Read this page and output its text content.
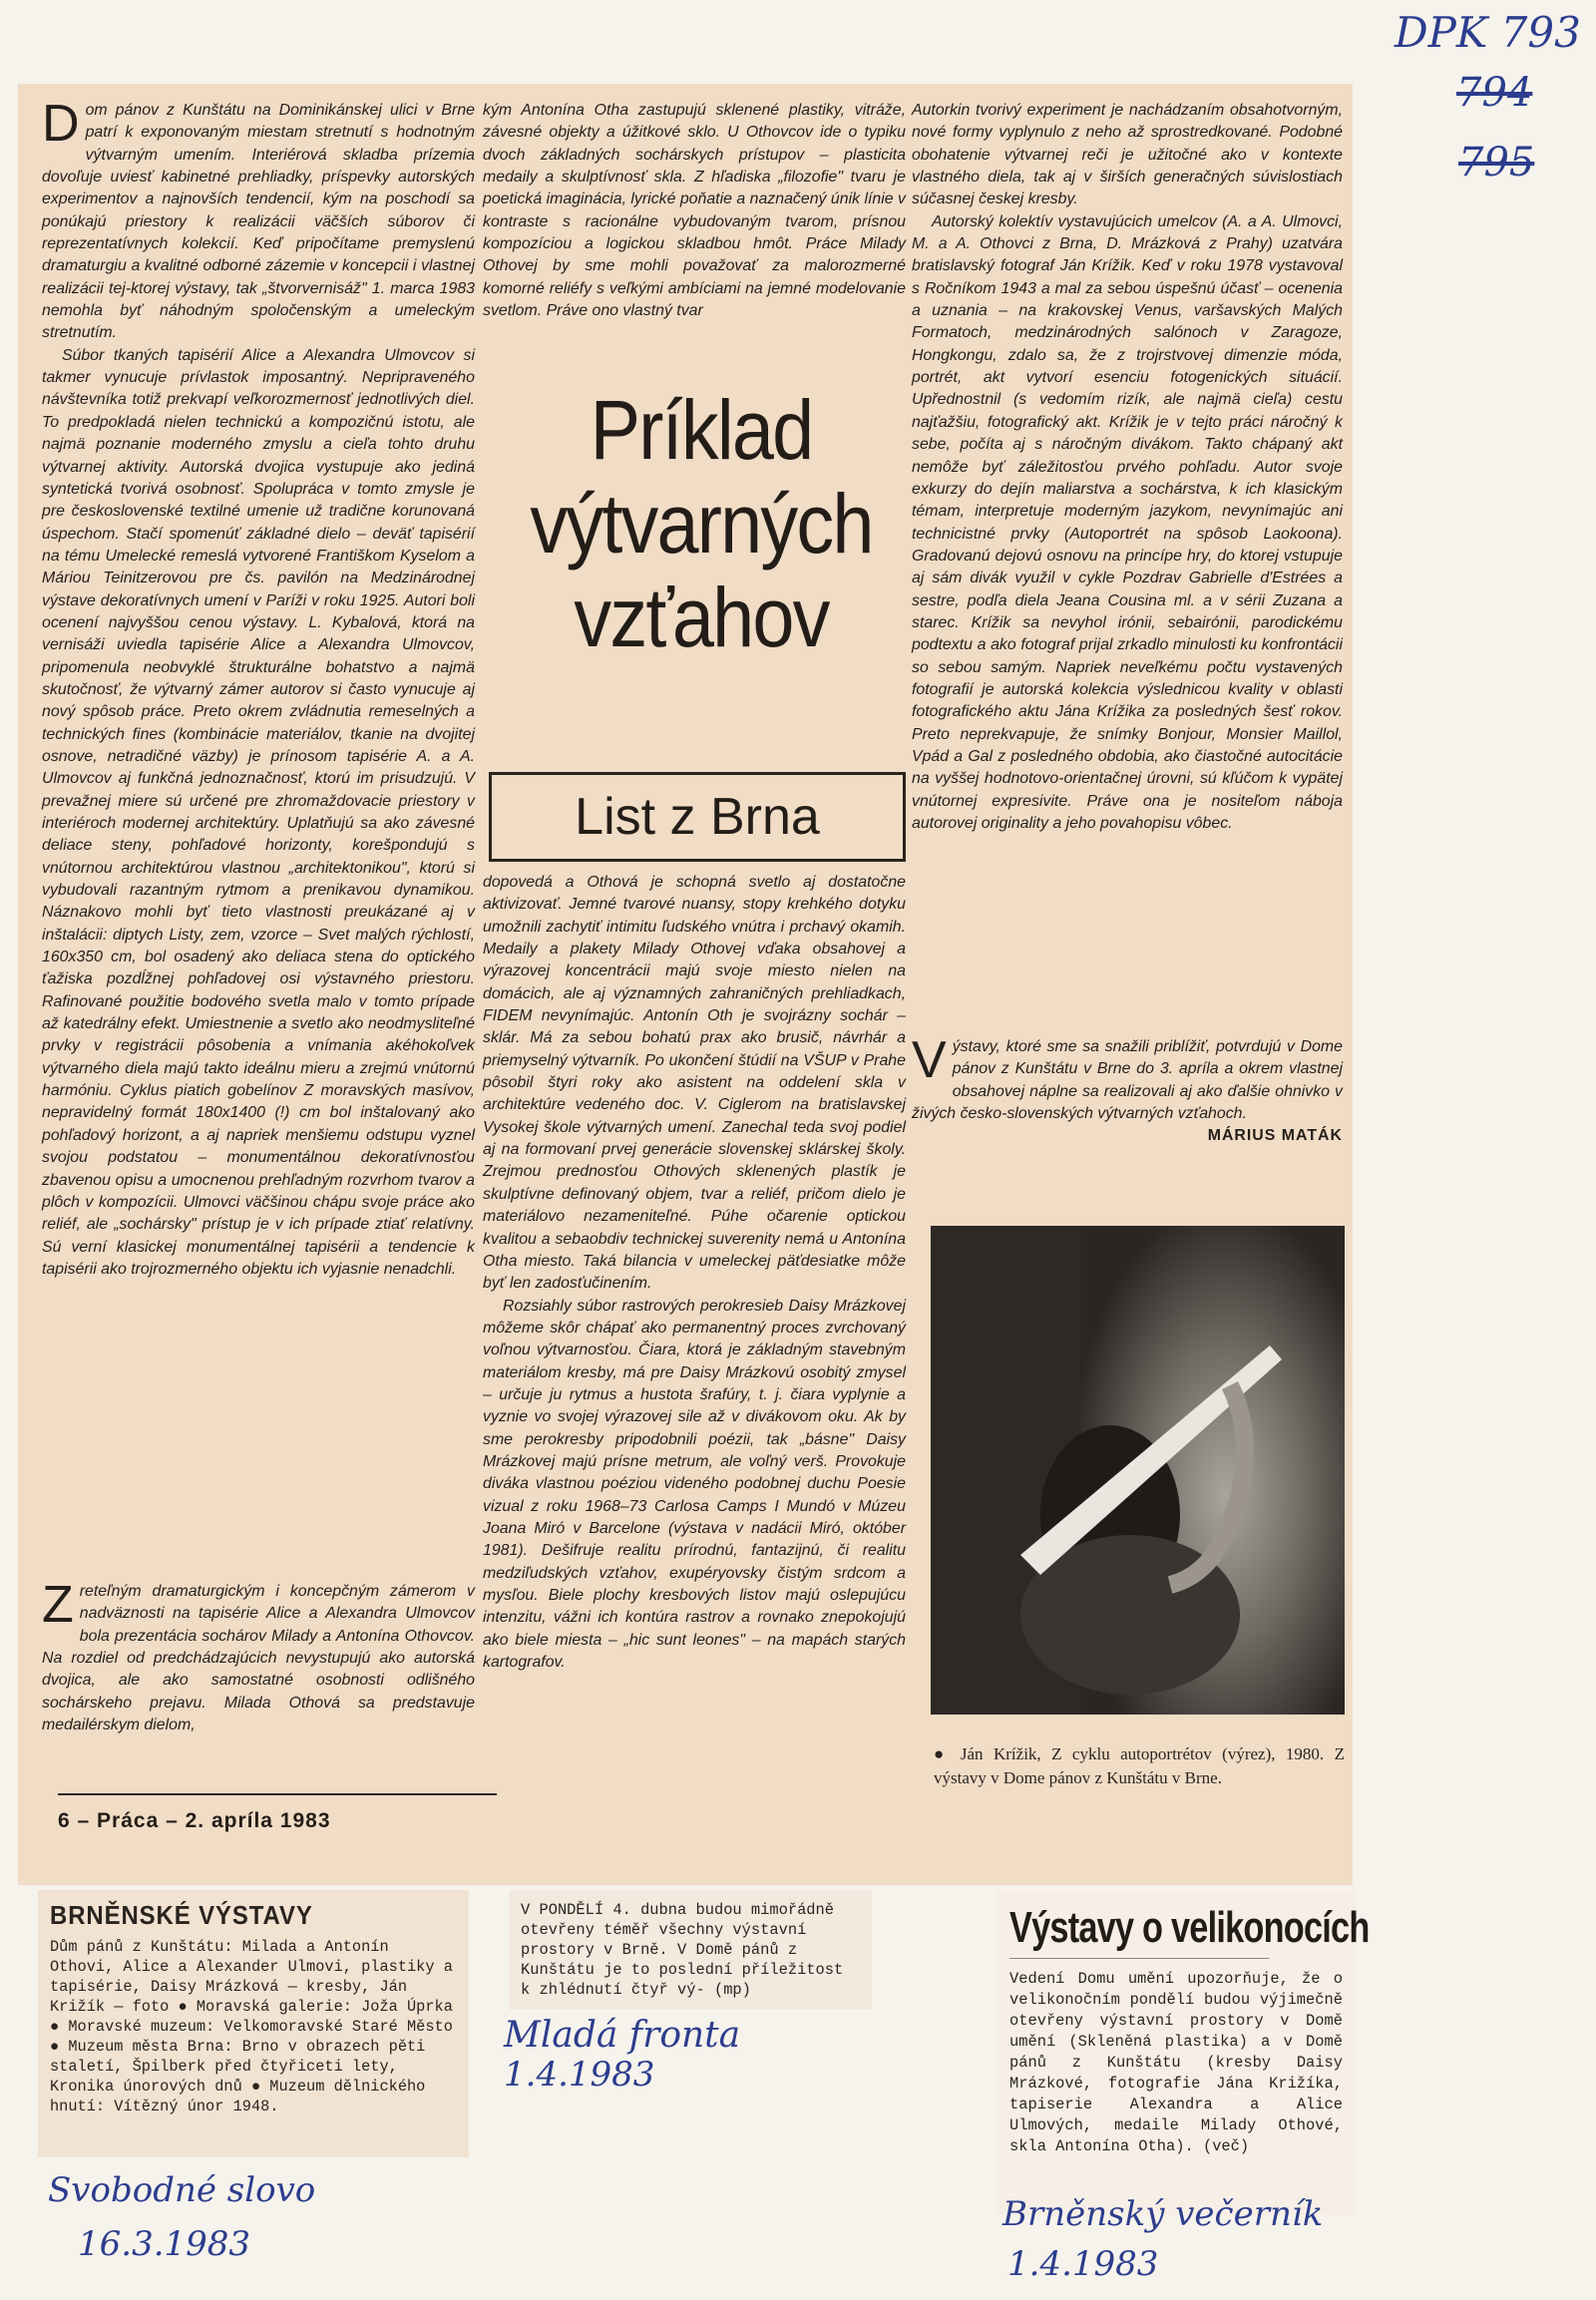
DPK 793
794
795

Dom pánov z Kunštátu na Dominikánskej ulici v Brne patrí k exponovaným miestam stretnutí s hodnotným výtvarným umením. Interiérová skladba prízemia dovoľuje uviesť kabinetné prehliadky, príspevky autorských experimentov a najnovších tendencií, kým na poschodí sa ponúkajú priestory k realizácii väčších súborov či reprezentatívnych kolekcií. Keď pripočítame premyslenú dramaturgiu a kvalitné odborné zázemie v koncepcii i vlastnej realizácii tej-ktorej výstavy, tak „štvorvernisáž" 1. marca 1983 nemohla byť náhodným spoločenským a umeleckým stretnutím.

Súbor tkaných tapisérií Alice a Alexandra Ulmovcov si takmer vynucuje prívlastok imposantný. Nepripraveného návštevníka totiž prekvapí veľkorozmernosť jednotlivých diel. To predpokladá nielen technickú a kompozičnú istotu, ale najmä poznanie moderného zmyslu a cieľa tohto druhu výtvarnej aktivity. Autorská dvojica vystupuje ako jediná syntetická tvorivá osobnosť. Spolupráca v tomto zmysle je pre československé textilné umenie už tradične korunovaná úspechom. Stačí spomenúť základné dielo – deväť tapisérií na tému Umelecké remeslá vytvorené Františkom Kyselom a Máriou Teinitzerovou pre čs. pavilón na Medzinárodnej výstave dekoratívnych umení v Paríži v roku 1925. Autori boli ocenení najvyššou cenou výstavy. L. Kybalová, ktorá na vernisáži uviedla tapisérie Alice a Alexandra Ulmovcov, pripomenula neobvyklé štrukturálne bohatstvo a najmä skutočnosť, že výtvarný zámer autorov si často vynucuje aj nový spôsob práce. Preto okrem zvládnutia remeselných a technických fines (kombinácie materiálov, tkanie na dvojitej osnove, netradičné väzby) je prínosom tapisérie A. a A. Ulmovcov aj funkčná jednoznačnosť, ktorú im prisudzujú. V prevažnej miere sú určené pre zhromaždovacie priestory v interiéroch modernej architektúry. Uplatňujú sa ako závesné deliace steny, pohľadové horizonty, korešpondujú s vnútornou architektúrou vlastnou „architektonikou", ktorú si vybudovali razantným rytmom a prenikavou dynamikou. Náznakovo mohli byť tieto vlastnosti preukázané aj v inštalácii: diptych Listy, zem, vzorce – Svet malých rýchlostí, 160x350 cm, bol osadený ako deliaca stena do optického ťažiska pozdĺžnej pohľadovej osi výstavného priestoru. Rafinované použitie bodového svetla malo v tomto prípade až katedrálny efekt. Umiestnenie a svetlo ako neodmysliteľné prvky v registrácii pôsobenia a vnímania akéhokoľvek výtvarného diela majú takto ideálnu mieru a zrejmú vnútornú harmóniu. Cyklus piatich gobelínov Z moravských masívov, nepravidelný formát 180x1400 (!) cm bol inštalovaný ako pohľadový horizont, a aj napriek menšiemu odstupu vyznel svojou podstatou – monumentálnou dekoratívnosťou zbavenou opisu a umocnenou prehľadným rozvrhom tvarov a plôch v kompozícii. Ulmovci väčšinou chápu svoje práce ako reliéf, ale „sochársky" prístup je v ich prípade ztiať relatívny. Sú verní klasickej monumentálnej tapisérii a tendencie k tapisérii ako trojrozmerného objektu ich vyjasnie nenadchli.

Zreteľným dramaturgickým i koncepčným zámerom v nadväznosti na tapisérie Alice a Alexandra Ulmovcov bola prezentácia sochárov Milady a Antonína Othovcov. Na rozdiel od predchádzajúcich nevystupujú ako autorská dvojica, ale ako samostatné osobnosti odlišného sochárskeho prejavu. Milada Othová sa predstavuje medailérskym dielom,

kým Antonína Otha zastupujú sklenené plastiky, vitráže, závesné objekty a úžitkové sklo. U Othovcov ide o typiku dvoch základných sochárskych prístupov – plasticita medaily a skulptívnosť skla. Z hľadiska „filozofie" tvaru je poetická imaginácia, lyrické poňatie a naznačený únik línie v kontraste s racionálne vybudovaným tvarom, prísnou kompozíciou a logickou skladbou hmôt. Práce Milady Othovej by sme mohli považovať za malorozmerné komorné reliéfy s veľkými ambíciami na jemné modelovanie svetlom. Práve ono vlastný tvar

Príklad
výtvarných
vzťahov
List z Brna

dopovedá a Othová je schopná svetlo aj dostatočne aktivizovať. Jemné tvarové nuansy, stopy krehkého dotyku umožnili zachytiť intimitu ľudského vnútra i prchavý okamih. Medaily a plakety Milady Othovej vďaka obsahovej a výrazovej koncentrácii majú svoje miesto nielen na domácich, ale aj významných zahraničných prehliadkach, FIDEM nevynímajúc. Antonín Oth je svojrázny sochár – sklár. Má za sebou bohatú prax ako brusič, návrhár a priemyselný výtvarník. Po ukončení štúdií na VŠUP v Prahe pôsobil štyri roky ako asistent na oddelení skla v architektúre vedeného doc. V. Ciglerom na bratislavskej Vysokej škole výtvarných umení. Zanechal teda svoj podiel aj na formovaní prvej generácie slovenskej sklárskej školy. Zrejmou prednosťou Othových sklenených plastík je skulptívne definovaný objem, tvar a reliéf, pričom dielo je materiálovo nezameniteľné. Púhe očarenie optickou kvalitou a sebaobdiv technickej suverenity nemá u Antonína Otha miesto. Taká bilancia v umeleckej päťdesiatke môže byť len zadosťučinením.

Rozsiahly súbor rastrových perokresieb Daisy Mrázkovej môžeme skôr chápať ako permanentný proces zvrchovaný voľnou výtvarnosťou. Čiara, ktorá je základným stavebným materiálom kresby, má pre Daisy Mrázkovú osobitý zmysel – určuje ju rytmus a hustota šrafúry, t. j. čiara vyplynie a vyznie vo svojej výrazovej sile až v divákovom oku. Ak by sme perokresby pripodobnili poézii, tak „básne" Daisy Mrázkovej majú prísne metrum, ale voľný verš. Provokuje diváka vlastnou poéziou videného podobnej duchu Poesie vizual z roku 1968–73 Carlosa Camps I Mundó v Múzeu Joana Miró v Barcelone (výstava v nadácii Miró, október 1981). Dešifruje realitu prírodnú, fantazijnú, či realitu medziľudských vzťahov, exupéryovsky čistým srdcom a mysľou. Biele plochy kresbových listov majú oslepujúcu intenzitu, vážni ich kontúra rastrov a rovnako znepokojujú ako biele miesta – „hic sunt leones" – na mapách starých kartografov.

Autorkin tvorivý experiment je nachádzaním obsahotvorným, nové formy vyplynulo z neho až sprostredkované. Podobné obohatenie výtvarnej reči je užitočné ako v kontexte vlastného diela, tak aj v širších generačných súvislostiach súčasnej českej kresby.

Autorský kolektív vystavujúcich umelcov (A. a A. Ulmovci, M. a A. Othovci z Brna, D. Mrázková z Prahy) uzatvára bratislavský fotograf Ján Krížik. Keď v roku 1978 vystavoval s Ročníkom 1943 a mal za sebou úspešnú účasť – ocenenia a uznania – na krakovskej Venus, varšavských Malých Formatoch, medzinárodných salónoch v Zaragoze, Hongkongu, zdalo sa, že z trojrstvovej dimenzie móda, portrét, akt vytvorí esenciu fotogenických situácií. Upřednostnil (s vedomím rizík, ale najmä cieľa) cestu najťažšiu, fotografický akt. Krížik je v tejto práci náročný k sebe, počíta aj s náročným divákom. Takto chápaný akt nemôže byť záležitosťou prvého pohľadu. Autor svoje exkurzy do dejín maliarstva a sochárstva, k ich klasickým témam, interpretuje moderným jazykom, nevynímajúc ani technicistné prvky (Autoportrét na spôsob Laokoona). Gradovanú dejovú osnovu na princípe hry, do ktorej vstupuje aj sám divák využil v cykle Pozdrav Gabrielle d'Estrées a sestre, podľa diela Jeana Cousina ml. a v sérii Zuzana a starec. Krížik sa nevyhol irónii, sebairónii, parodickému podtextu a ako fotograf prijal zrkadlo minulosti ku konfrontácii so sebou samým. Napriek neveľkému počtu vystavených fotografií je autorská kolekcia výslednicou kvality v oblasti fotografického aktu Jána Krížika za posledných šesť rokov. Preto neprekvapuje, že snímky Bonjour, Monsier Maillol, Vpád a Gal z posledného obdobia, ako čiastočné autocitácie na vyššej hodnotovo-orientačnej úrovni, sú kľúčom k vypätej vnútornej expresivite. Práve ona je nositeľom nábojа autorovej originality a jeho povahopisu vôbec.

Výstavy, ktoré sme sa snažili priblížiť, potvrdujú v Dome pánov z Kunštátu v Brne do 3. apríla a okrem vlastnej obsahovej náplne sa realizovali aj ako ďalšie ohnivko v živých česko-slovenských výtvarných vzťahoch.

MÁRIUS MATÁK

● Ján Krížik, Z cyklu autoportrétov (výrez), 1980. Z výstavy v Dome pánov z Kunštátu v Brne.
6 – Práca – 2. apríla 1983
BRNĚNSKÉ VÝSTAVY
Dům pánů z Kunštátu: Milada a Antonín Othovi, Alice a Alexander Ulmovi, plastiky a tapisérie, Daisy Mrázková — kresby, Ján Križík — foto ● Moravská galerie: Joža Úprka ● Moravské muzeum: Velkomoravské Staré Město ● Muzeum města Brna: Brno v obrazech pěti staletí, Špilberk před čtyřiceti lety, Kronika únorových dnů ● Muzeum dělnického hnutí: Vítězný únor 1948.
Svobodné slovo
16.3.1983
V PONDĚLÍ 4. dubna budou mimořádně otevřeny téměř všechny výstavní prostory v Brně. V Domě pánů z Kunštátu je to poslední příležitost k zhlédnutí čtyř vý- (mp)
Mladá fronta
1.4.1983
Výstavy o velikonocích
Vedení Domu umění upozorňuje, že o velikonočním pondělí budou výjimečně otevřeny výstavní prostory v Domě umění (Skleněná plastika) a v Domě pánů z Kunštátu (kresby Daisy Mrázkové, fotografie Jána Križíka, tapiserie Alexandra a Alice Ulmových, medaile Milady Othové, skla Antonína Otha). (več)
Brněnský večerník
1.4.1983
